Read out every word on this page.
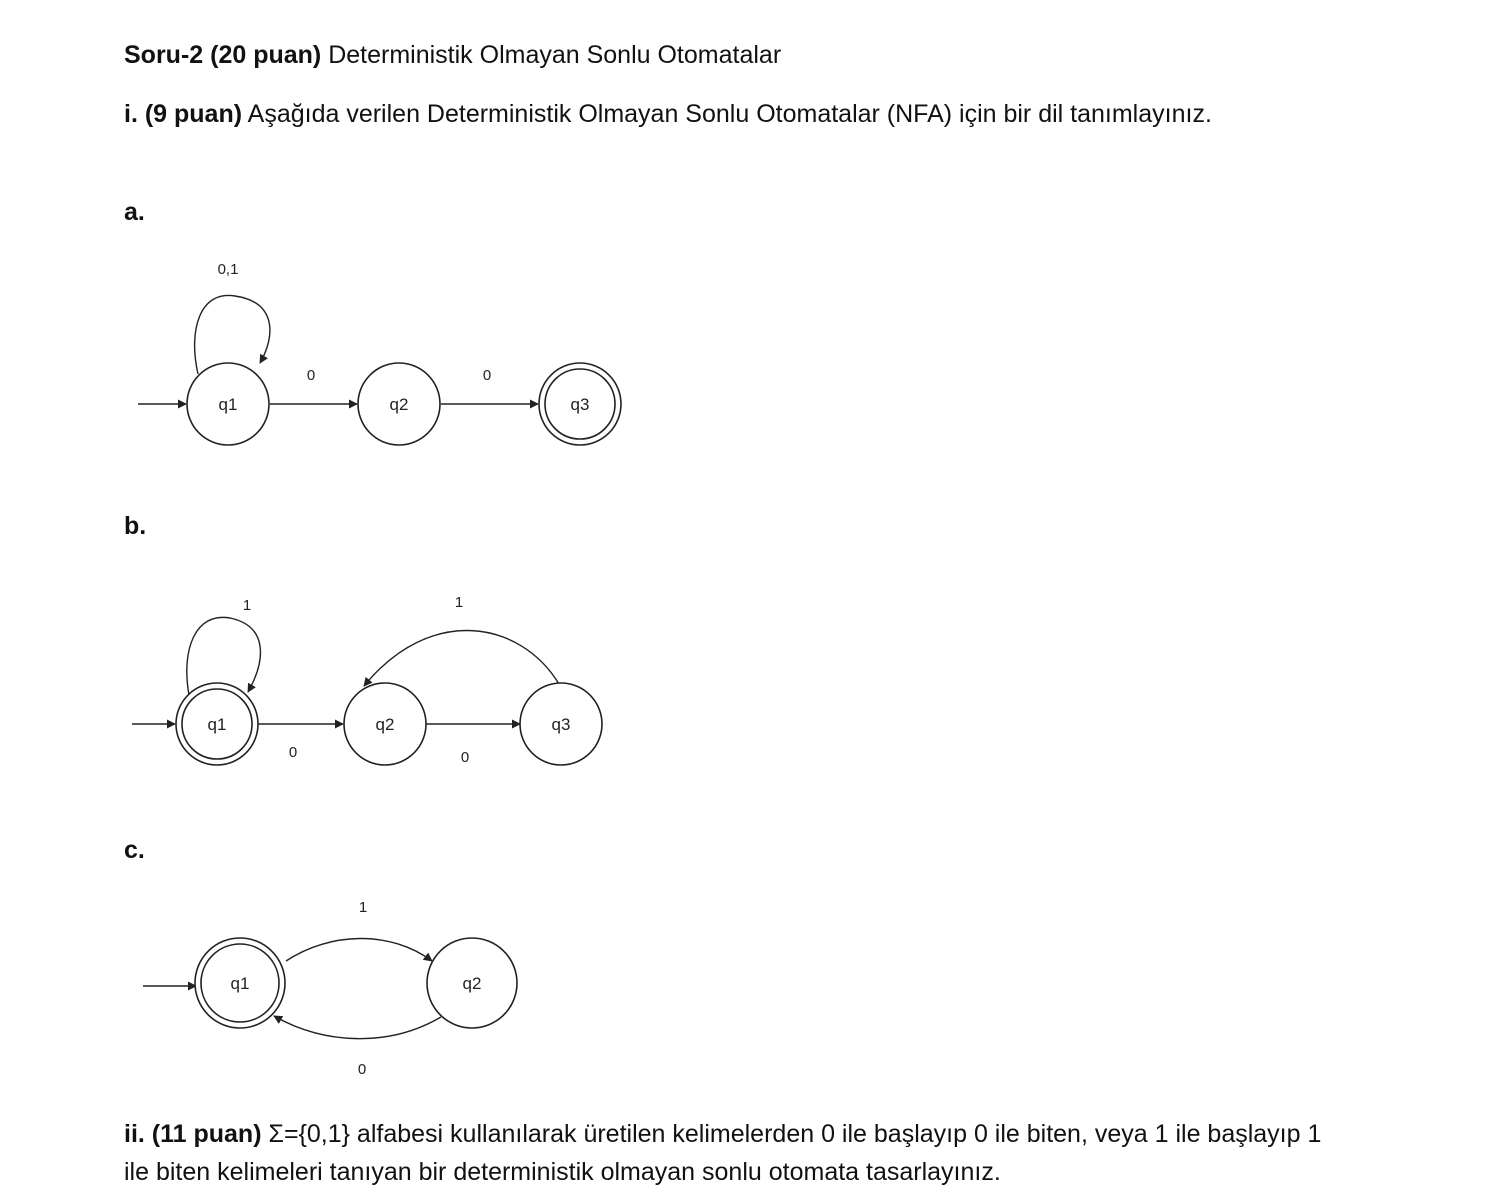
Soru-2 (20 puan) Deterministik Olmayan Sonlu Otomatalar
i. (9 puan) Aşağıda verilen Deterministik Olmayan Sonlu Otomatalar (NFA) için bir dil tanımlayınız.
a.
b.
c.
0,1
0	0
q1	q2	q3
1
0	0
1
q1	q2	q3
1
0
q1	q2
ii. (11 puan) Σ={0,1} alfabesi kullanılarak üretilen kelimelerden 0 ile başlayıp 0 ile biten, veya 1 ile başlayıp 1 ile biten kelimeleri tanıyan bir deterministik olmayan sonlu otomata tasarlayınız.
